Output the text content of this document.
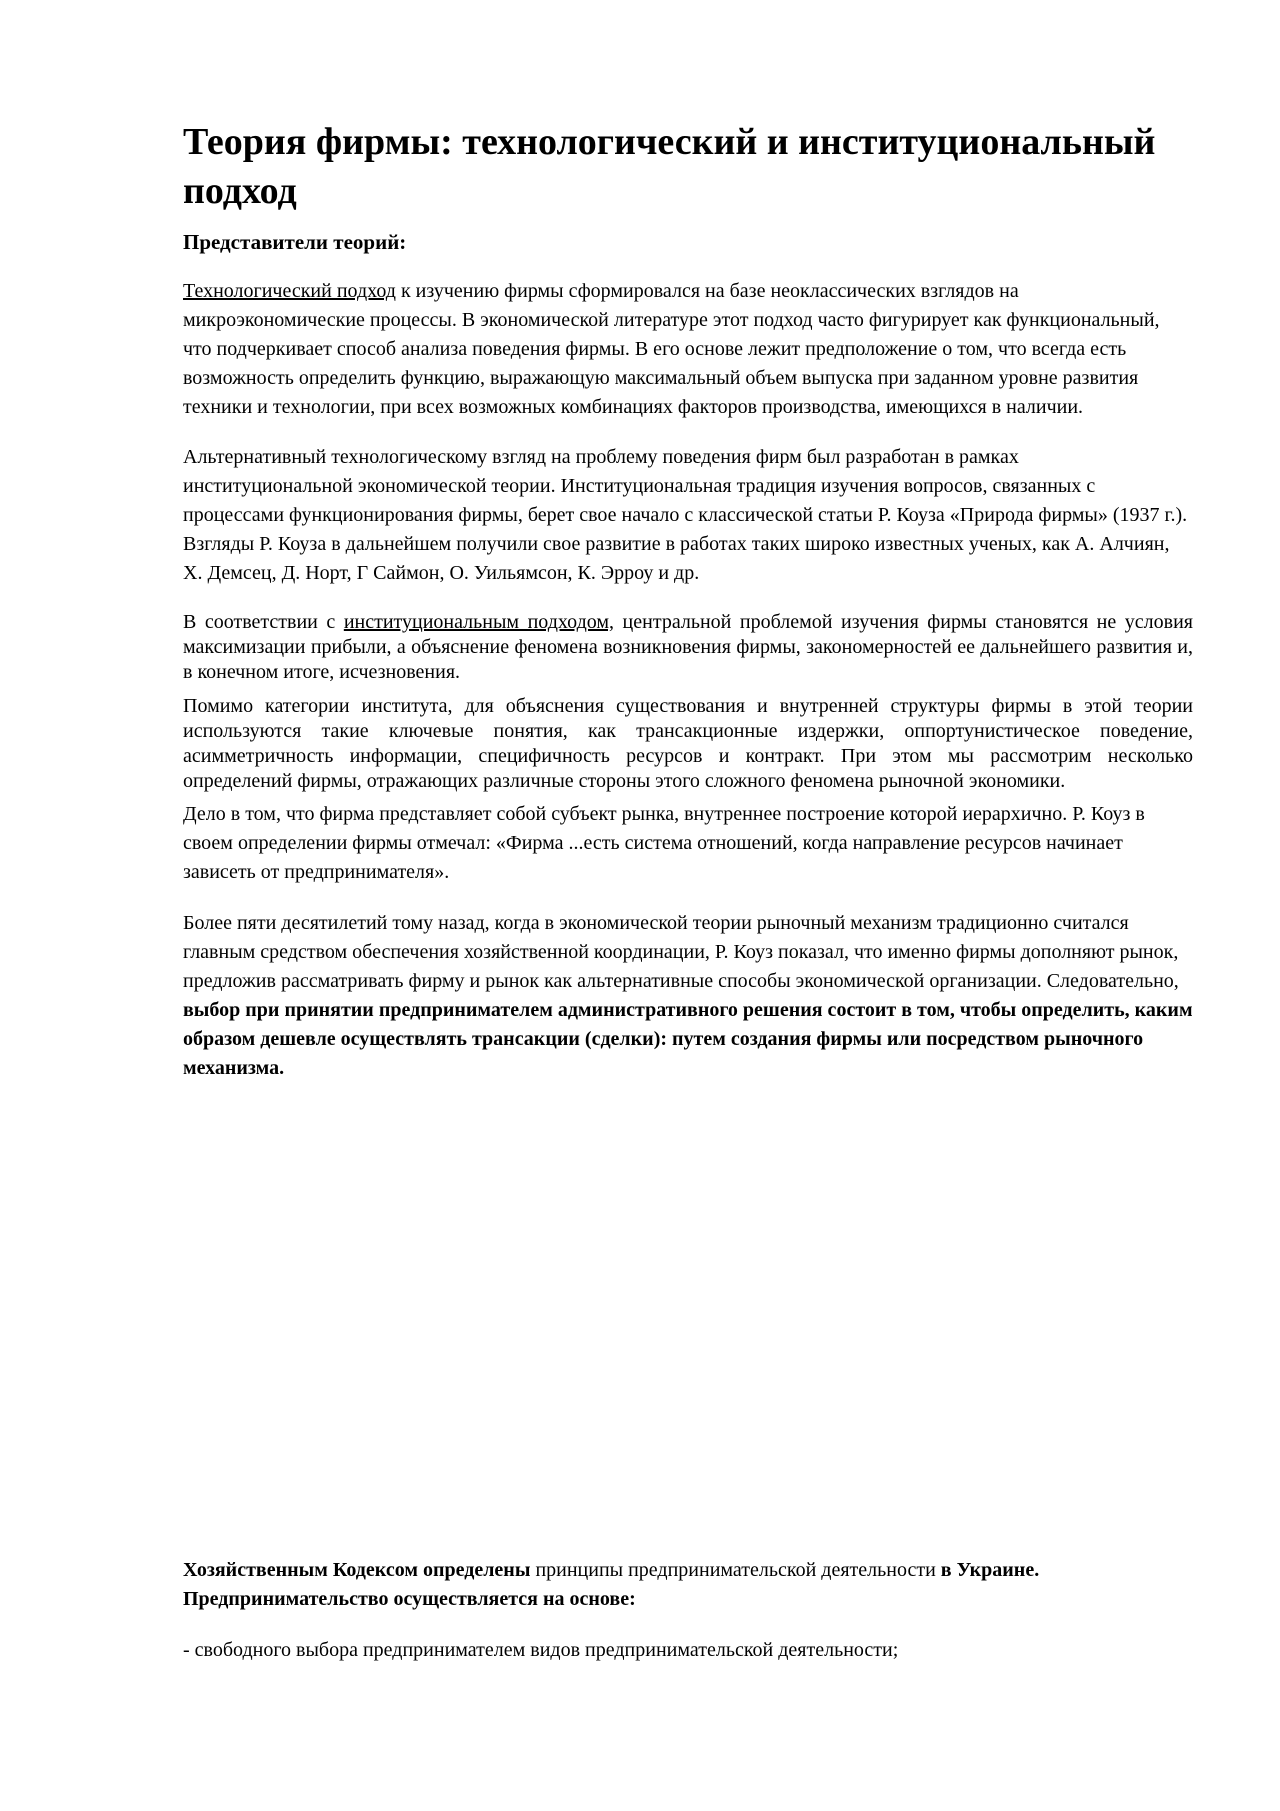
Теория фирмы: технологический и институциональный подход
Представители теорий:

Технологический подход к изучению фирмы сформировался на базе неоклассических взглядов на микроэкономические процессы. В экономической литературе этот подход часто фигурирует как функциональный, что подчеркивает способ анализа поведения фирмы. В его основе лежит предположение о том, что всегда есть возможность определить функцию, выражающую максимальный объем выпуска при заданном уровне развития техники и технологии, при всех возможных комбинациях факторов производства, имеющихся в наличии.

Альтернативный технологическому взгляд на проблему поведения фирм был разработан в рамках институциональной экономической теории. Институциональная традиция изучения вопросов, связанных с процессами функционирования фирмы, берет свое начало с классической статьи Р. Коуза «Природа фирмы» (1937 г.). Взгляды Р. Коуза в дальнейшем получили свое развитие в работах таких широко известных ученых, как А. Алчиян, Х. Демсец, Д. Норт, Г Саймон, О. Уильямсон, К. Эрроу и др.

В соответствии с институциональным подходом, центральной проблемой изучения фирмы становятся не условия максимизации прибыли, а объяснение феномена возникновения фирмы, закономерностей ее дальнейшего развития и, в конечном итоге, исчезновения.

Помимо категории института, для объяснения существования и внутренней структуры фирмы в этой теории используются такие ключевые понятия, как трансакционные издержки, оппортунистическое поведение, асимметричность информации, специфичность ресурсов и контракт. При этом мы рассмотрим несколько определений фирмы, отражающих различные стороны этого сложного феномена рыночной экономики.

Дело в том, что фирма представляет собой субъект рынка, внутреннее построение которой иерархично. Р. Коуз в своем определении фирмы отмечал: «Фирма ...есть система отношений, когда направление ресурсов начинает зависеть от предпринимателя».

Более пяти десятилетий тому назад, когда в экономической теории рыночный механизм традиционно считался главным средством обеспечения хозяйственной координации, Р. Коуз показал, что именно фирмы дополняют рынок, предложив рассматривать фирму и рынок как альтернативные способы экономической организации. Следовательно, выбор при принятии предпринимателем административного решения состоит в том, чтобы определить, каким образом дешевле осуществлять трансакции (сделки): путем создания фирмы или посредством рыночного механизма.

Хозяйственным Кодексом определены принципы предпринимательской деятельности в Украине. Предпринимательство осуществляется на основе:

- свободного выбора предпринимателем видов предпринимательской деятельности;
